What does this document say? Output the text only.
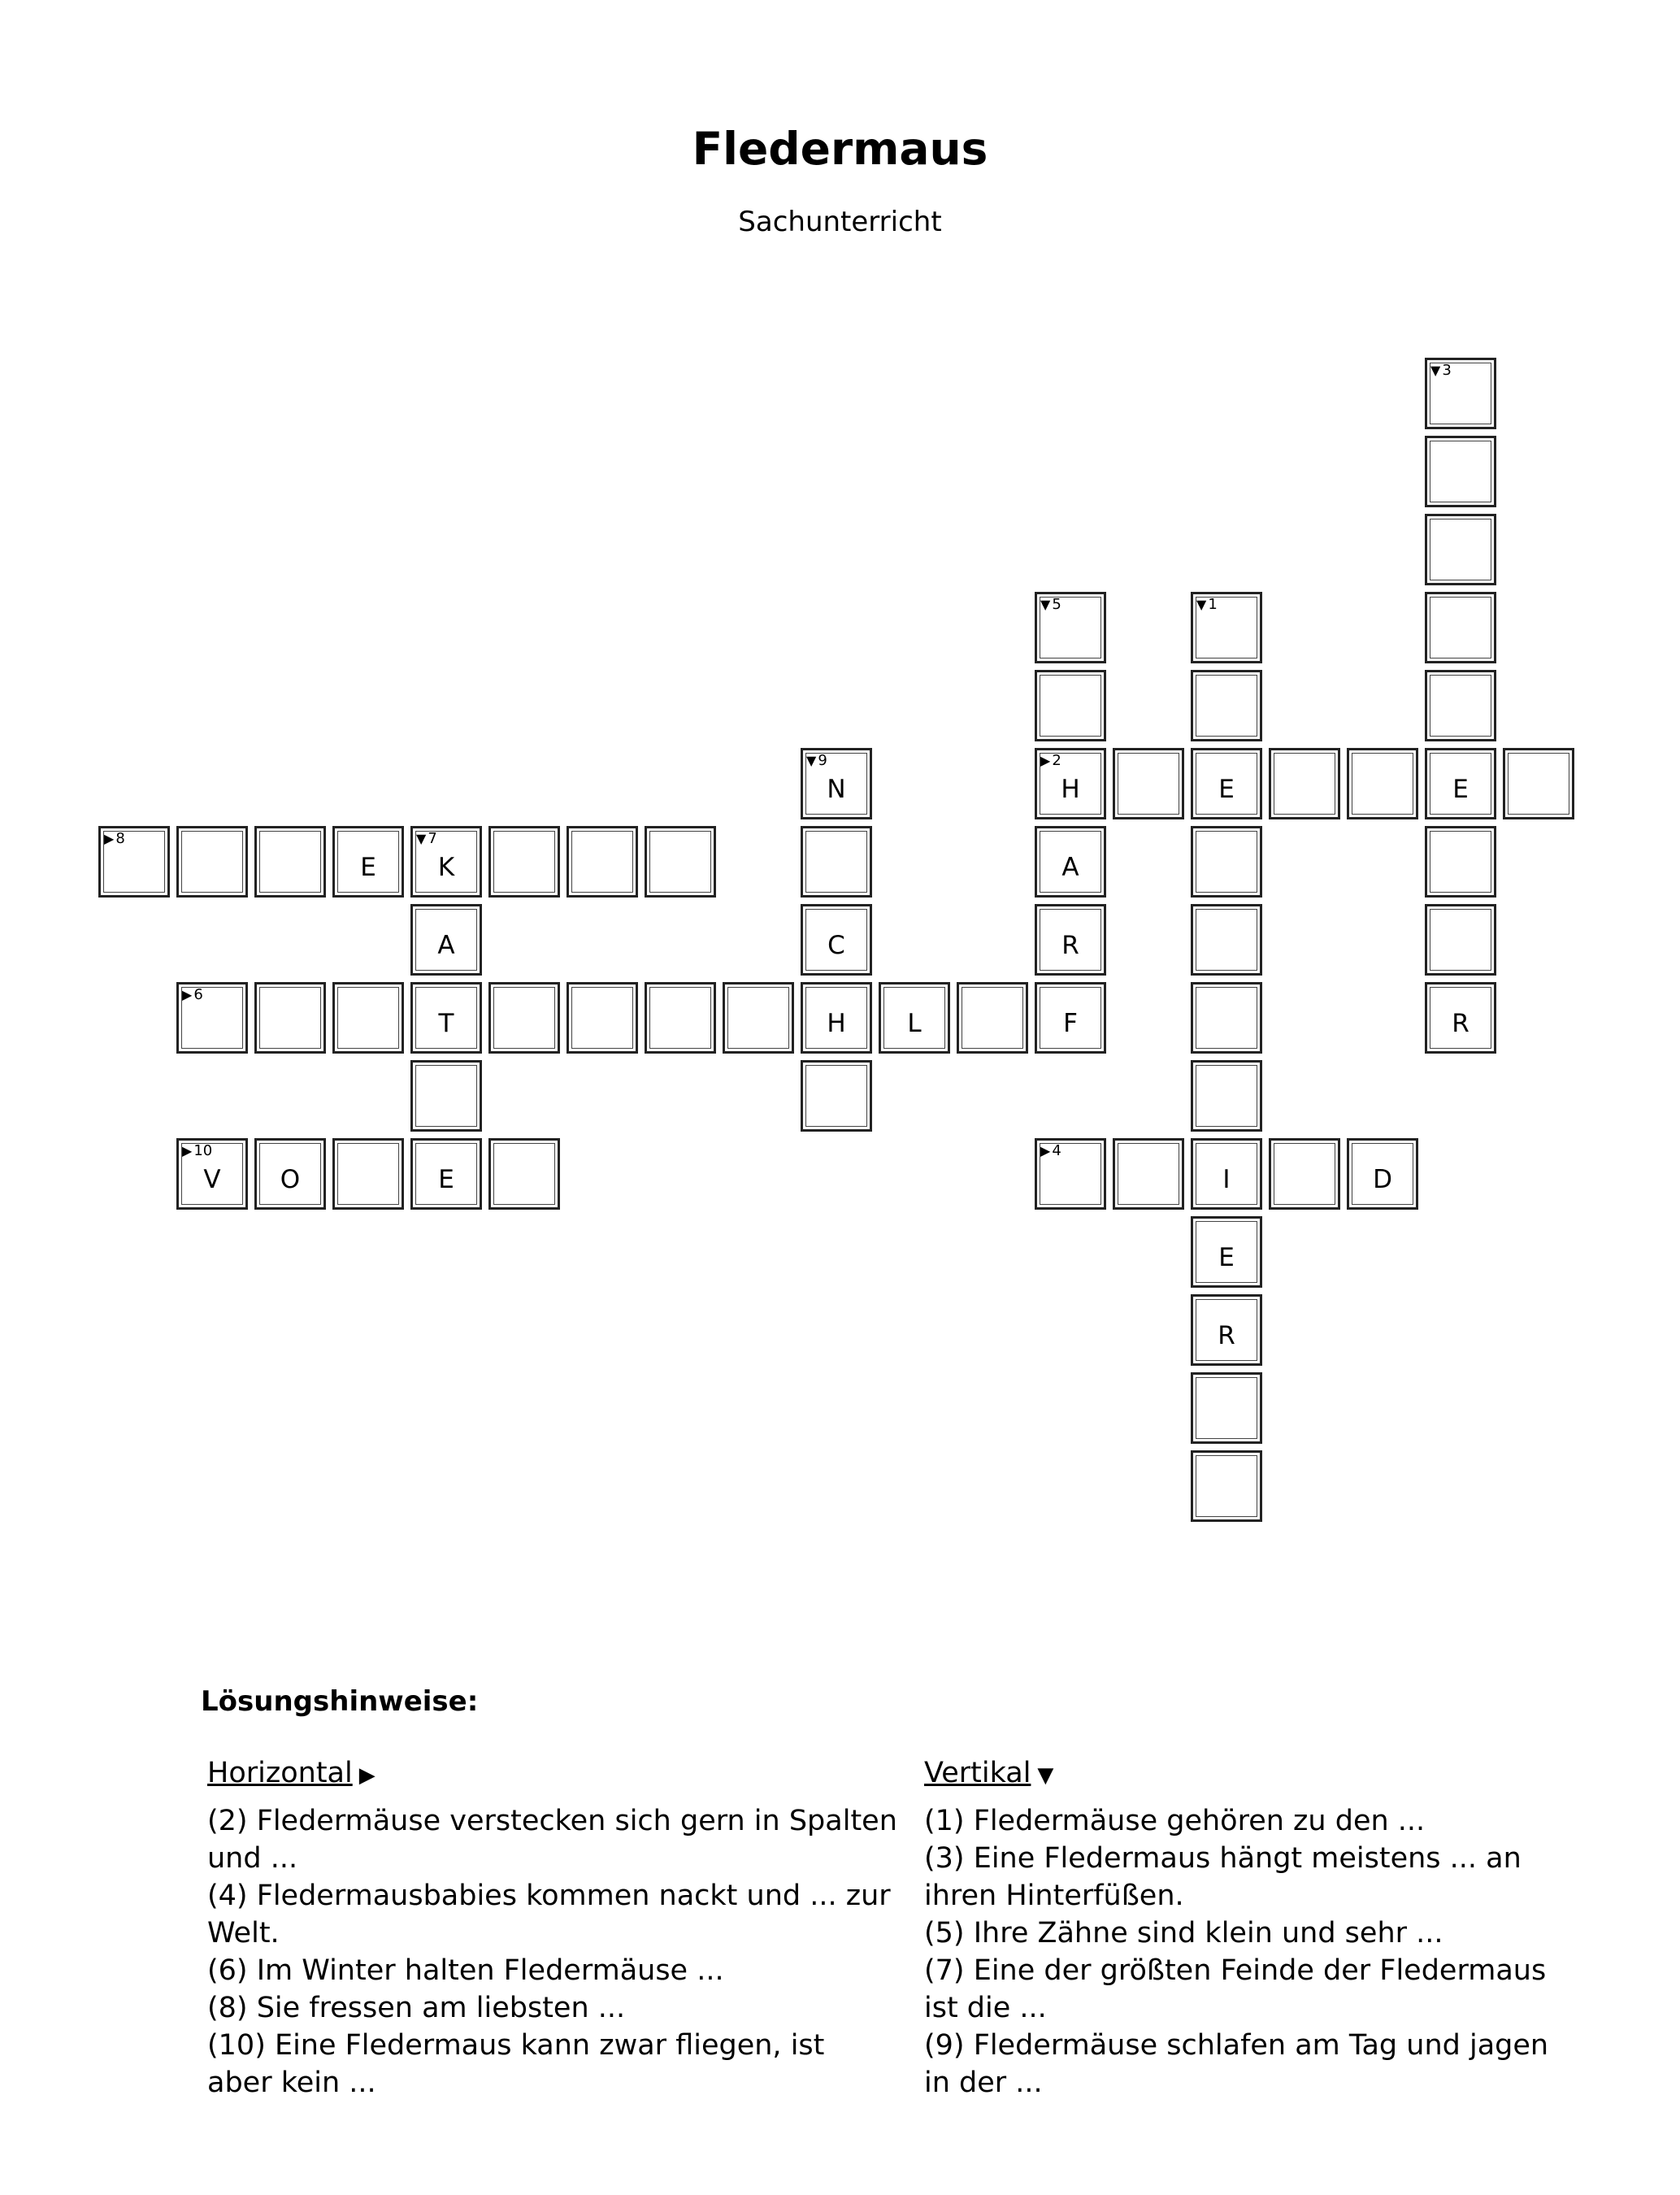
Fledermaus
Sachunterricht
▼ 3
▼ 5	▼ 1
▼ 9
N
▶ 2
H	E	E
▶ 8
E
▼ 7
K	A
A	C	R
▶ 6
T	H	L	F	R
▶ 10
V	O	E
▶ 4
I	D
E
R
Lösungshinweise:
Horizontal ▶
(2) Fledermäuse verstecken sich gern in Spalten und ...
(4) Fledermausbabies kommen nackt und ... zur Welt.
(6) Im Winter halten Fledermäuse ...
(8) Sie fressen am liebsten ...
(10) Eine Fledermaus kann zwar fliegen, ist aber kein ...
Vertikal ▼
(1) Fledermäuse gehören zu den ...
(3) Eine Fledermaus hängt meistens ... an ihren Hinterfüßen.
(5) Ihre Zähne sind klein und sehr ...
(7) Eine der größten Feinde der Fledermaus ist die ...
(9) Fledermäuse schlafen am Tag und jagen in der ...
